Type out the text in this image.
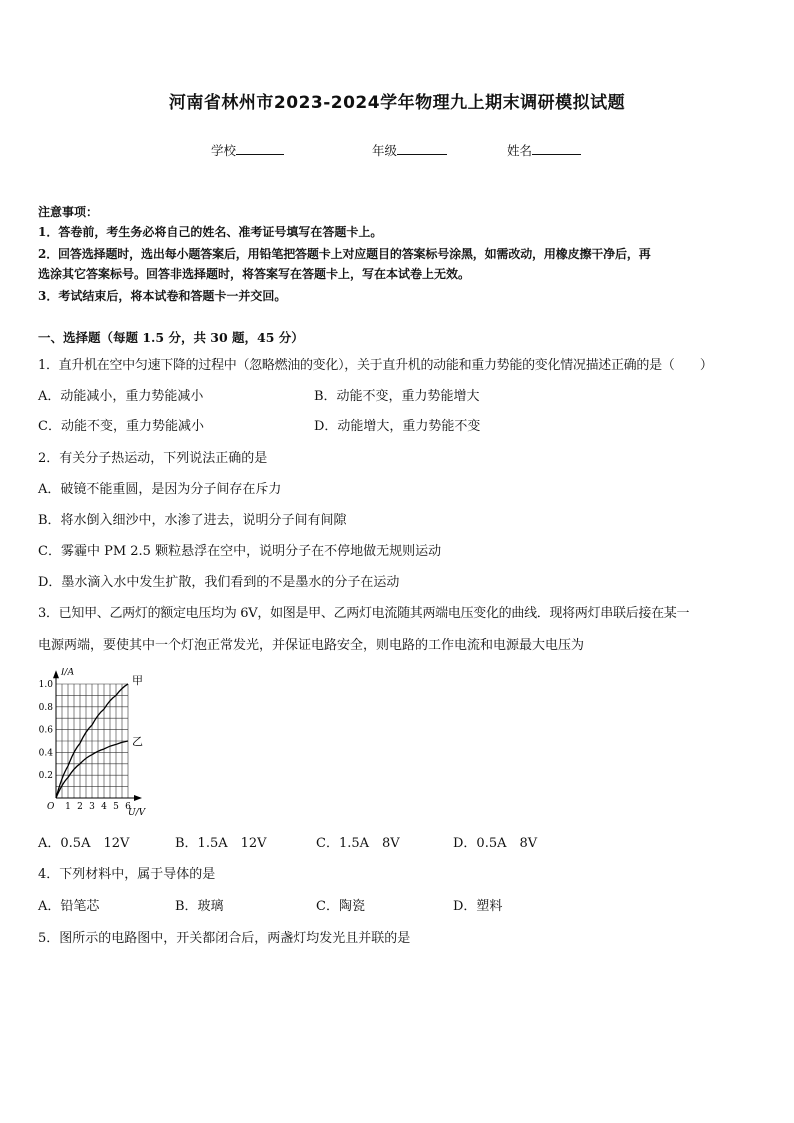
河南省林州市2023-2024学年物理九上期末调研模拟试题
学校	年级	姓名
注意事项：
1．答卷前，考生务必将自己的姓名、准考证号填写在答题卡上。
2．回答选择题时，选出每小题答案后，用铅笔把答题卡上对应题目的答案标号涂黑，如需改动，用橡皮擦干净后，再
选涂其它答案标号。回答非选择题时，将答案写在答题卡上，写在本试卷上无效。
3．考试结束后，将本试卷和答题卡一并交回。
一、选择题（每题 1.5 分，共 30 题，45 分）
1．直升机在空中匀速下降的过程中（忽略燃油的变化），关于直升机的动能和重力势能的变化情况描述正确的是（　　）
A．动能减小，重力势能减小	B．动能不变，重力势能增大
C．动能不变，重力势能减小	D．动能增大，重力势能不变
2．有关分子热运动，下列说法正确的是
A．破镜不能重圆，是因为分子间存在斥力
B．将水倒入细沙中，水渗了进去，说明分子间有间隙
C．雾霾中 PM 2.5 颗粒悬浮在空中，说明分子在不停地做无规则运动
D．墨水滴入水中发生扩散，我们看到的不是墨水的分子在运动
3．已知甲、乙两灯的额定电压均为 6V，如图是甲、乙两灯电流随其两端电压变化的曲线．现将两灯串联后接在某一
电源两端，要使其中一个灯泡正常发光，并保证电路安全，则电路的工作电流和电源最大电压为
1 2 3 4 5 6
0.2
0.4
0.6
0.8
1.0
O
I/A
U/V
甲
乙
A．0.5A　12V	B．1.5A　12V	C．1.5A　8V	D．0.5A　8V
4．下列材料中，属于导体的是
A．铅笔芯	B．玻璃	C．陶瓷	D．塑料
5．图所示的电路图中，开关都闭合后，两盏灯均发光且并联的是
